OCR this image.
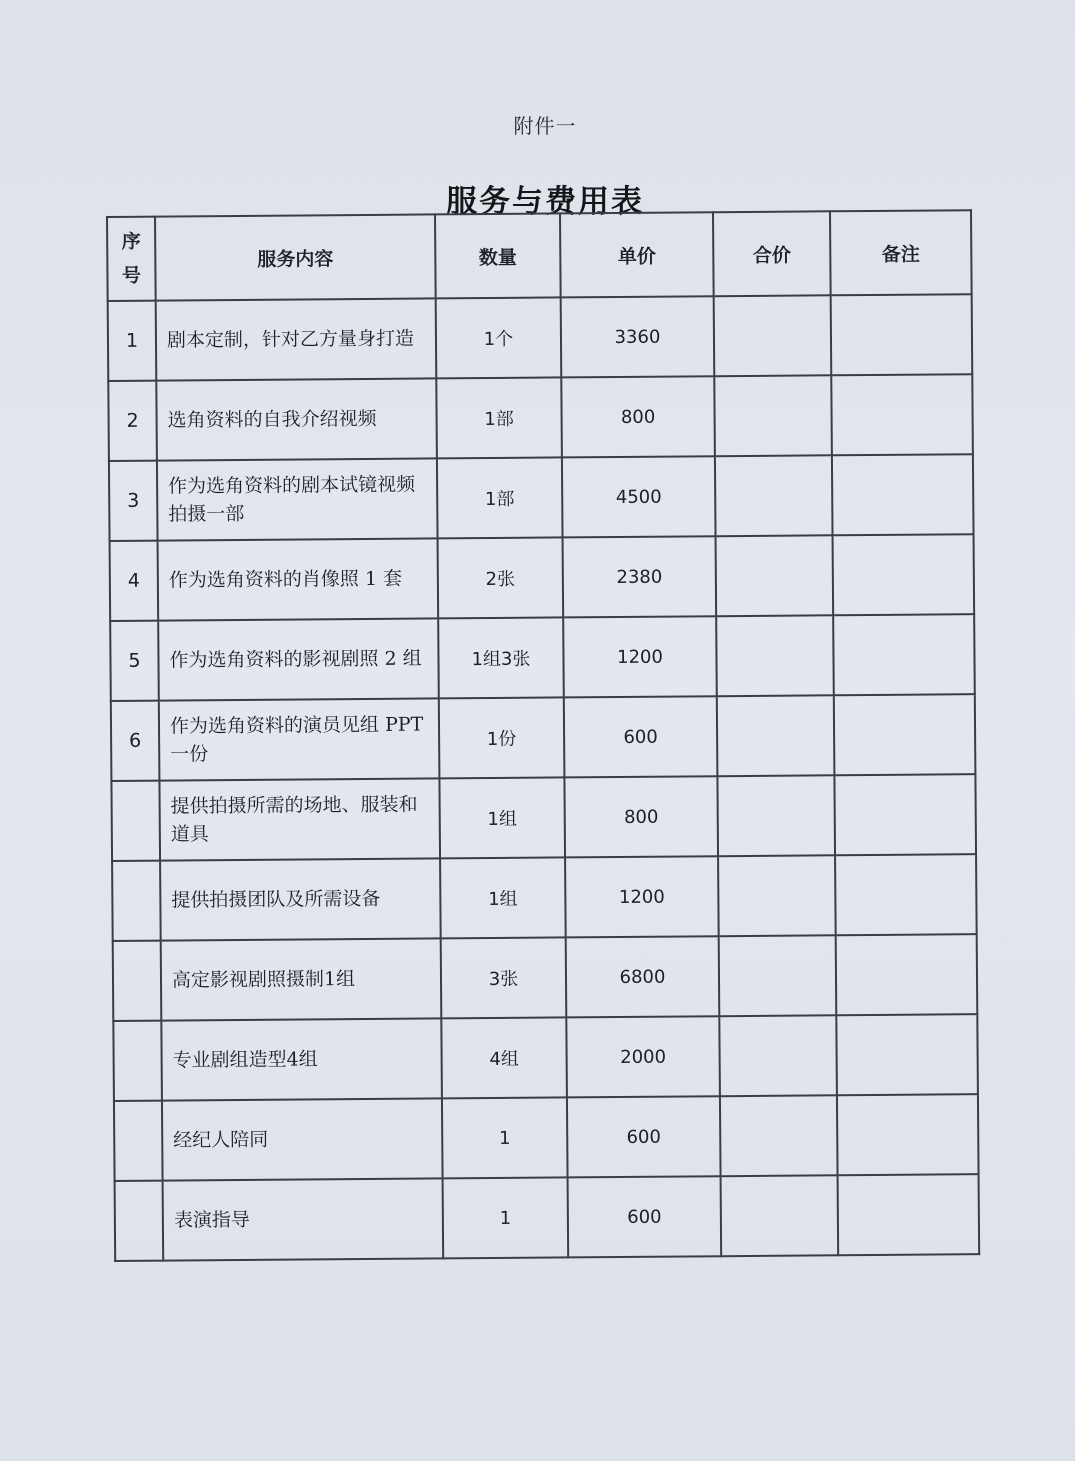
附件一
服务与费用表
序
号	服务内容	数量	单价	合价	备注
1	剧本定制，针对乙方量身打造	1个	3360		
2	选角资料的自我介绍视频	1部	800		
3	作为选角资料的剧本试镜视频拍摄一部	1部	4500		
4	作为选角资料的肖像照 1 套	2张	2380		
5	作为选角资料的影视剧照 2 组	1组3张	1200		
6	作为选角资料的演员见组 PPT 一份	1份	600		
	提供拍摄所需的场地、服装和道具	1组	800		
	提供拍摄团队及所需设备	1组	1200		
	高定影视剧照摄制1组	3张	6800		
	专业剧组造型4组	4组	2000		
	经纪人陪同	1	600		
	表演指导	1	600		
